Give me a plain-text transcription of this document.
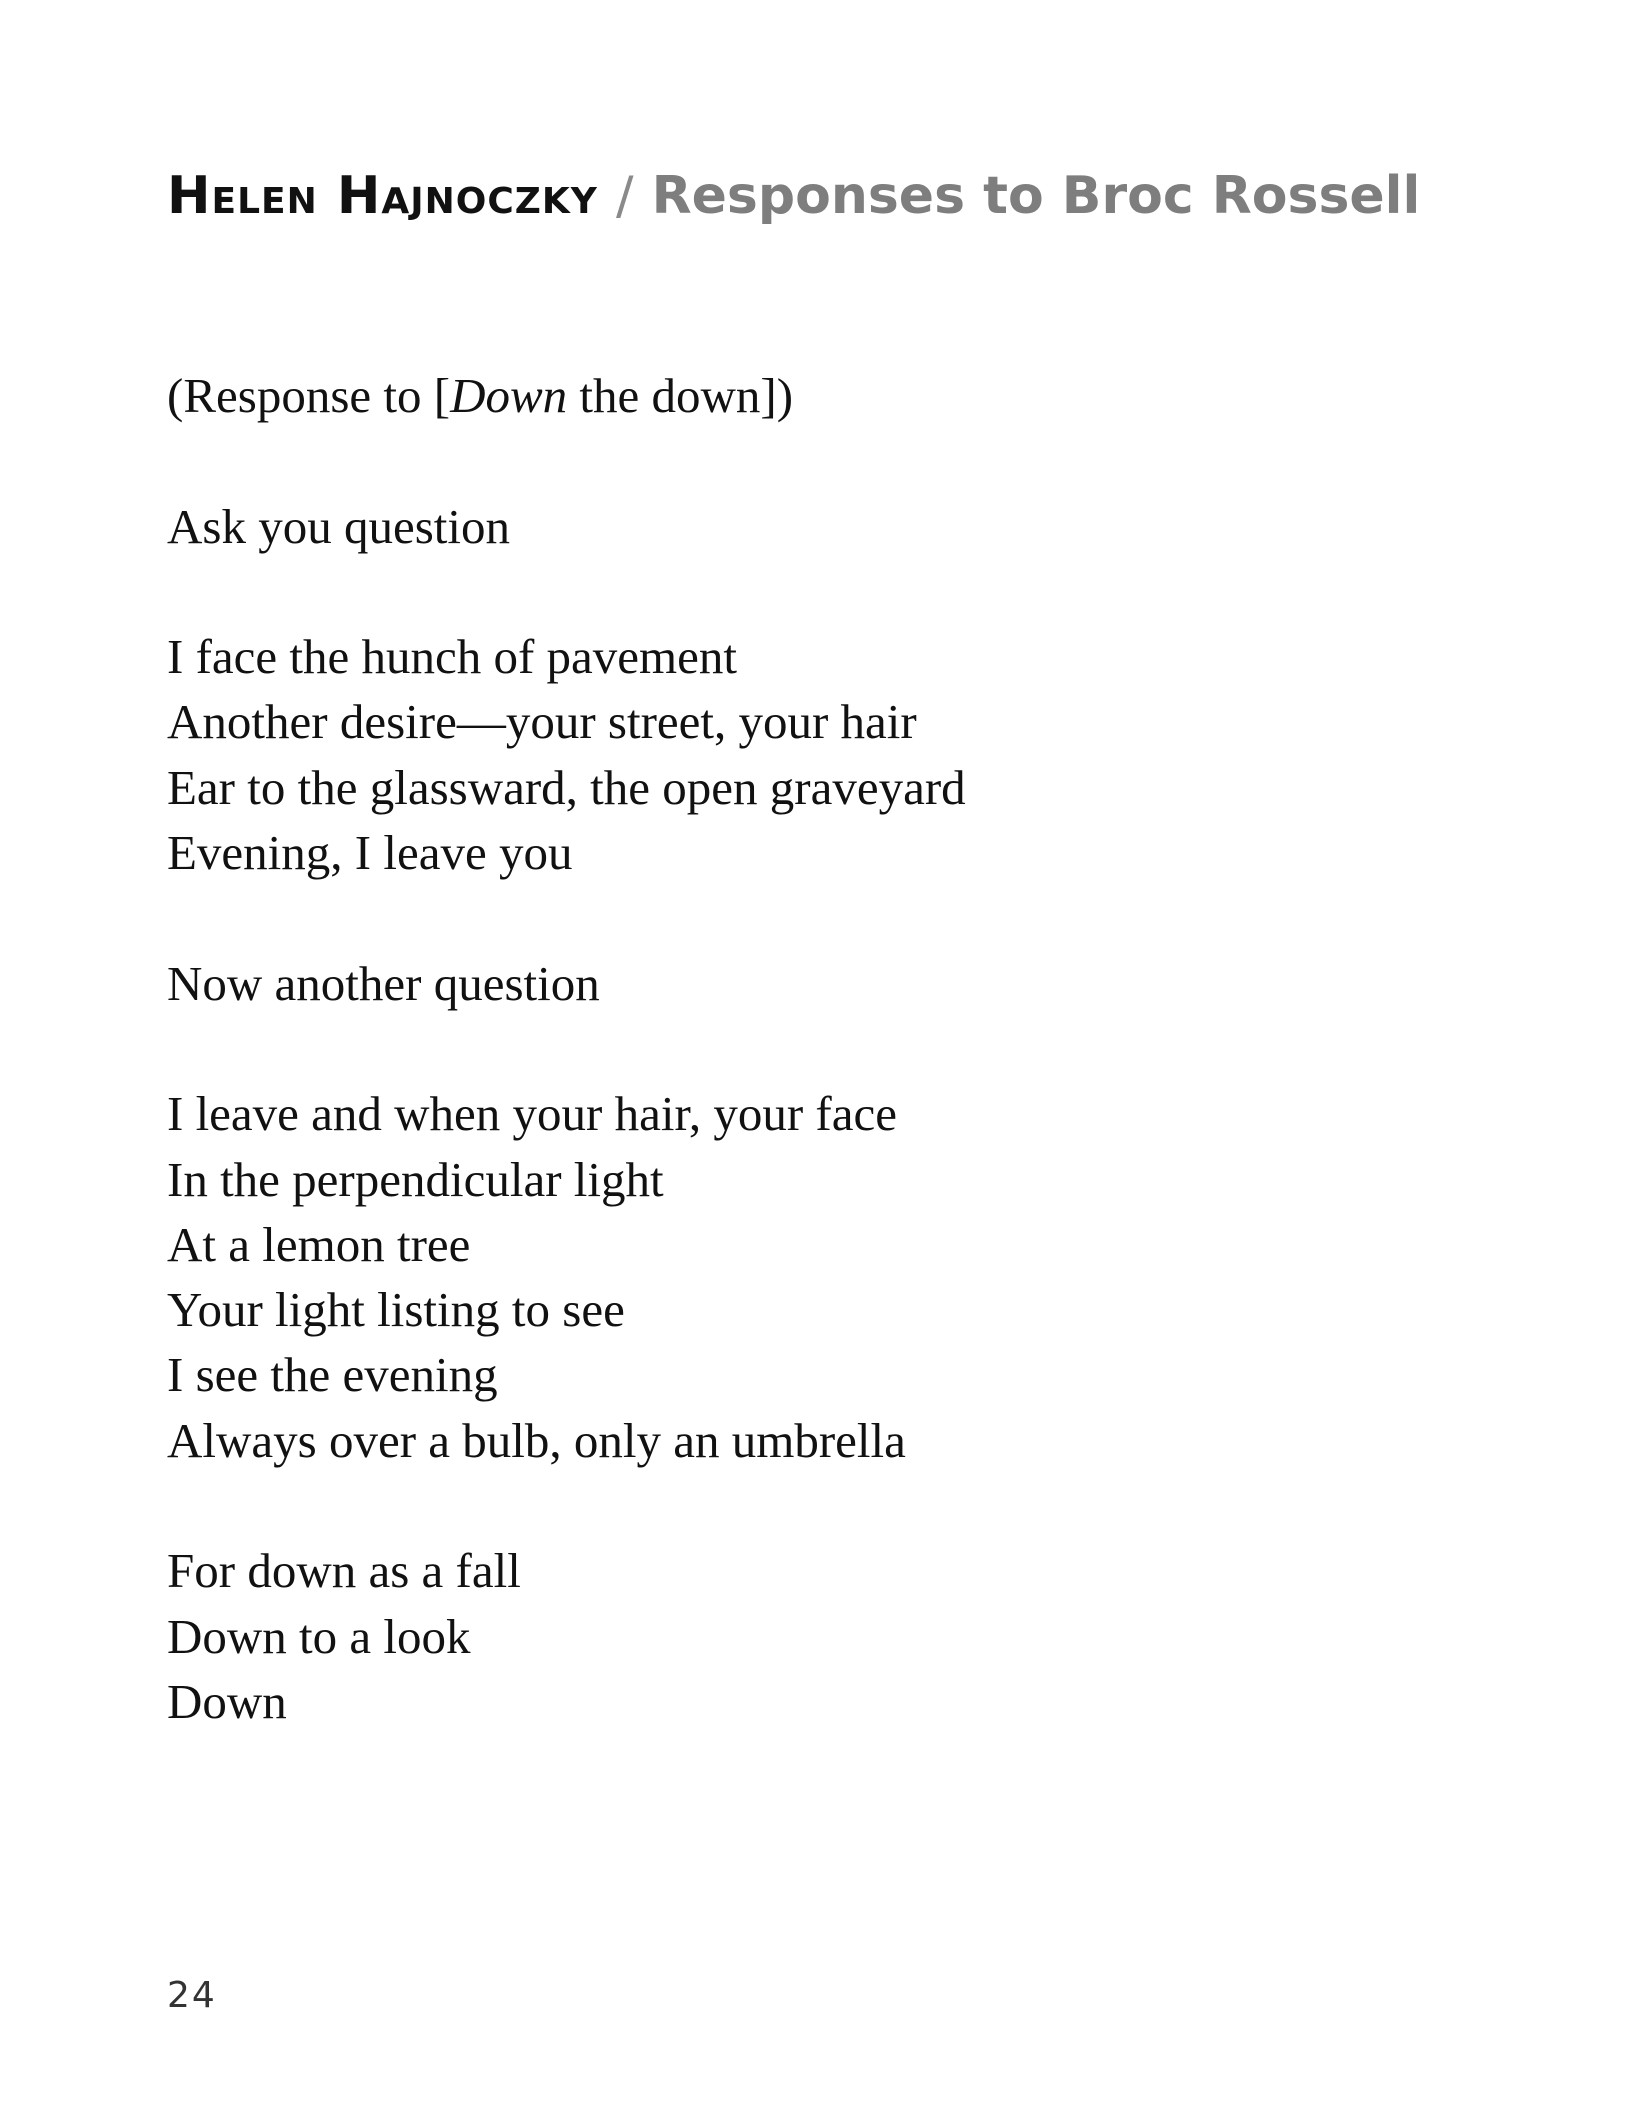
Helen Hajnoczky / Responses to Broc Rossell
(Response to [Down the down])
Ask you question
I face the hunch of pavement
Another desire—your street, your hair
Ear to the glassward, the open graveyard
Evening, I leave you
Now another question
I leave and when your hair, your face
In the perpendicular light
At a lemon tree
Your light listing to see
I see the evening
Always over a bulb, only an umbrella
For down as a fall
Down to a look
Down
24
